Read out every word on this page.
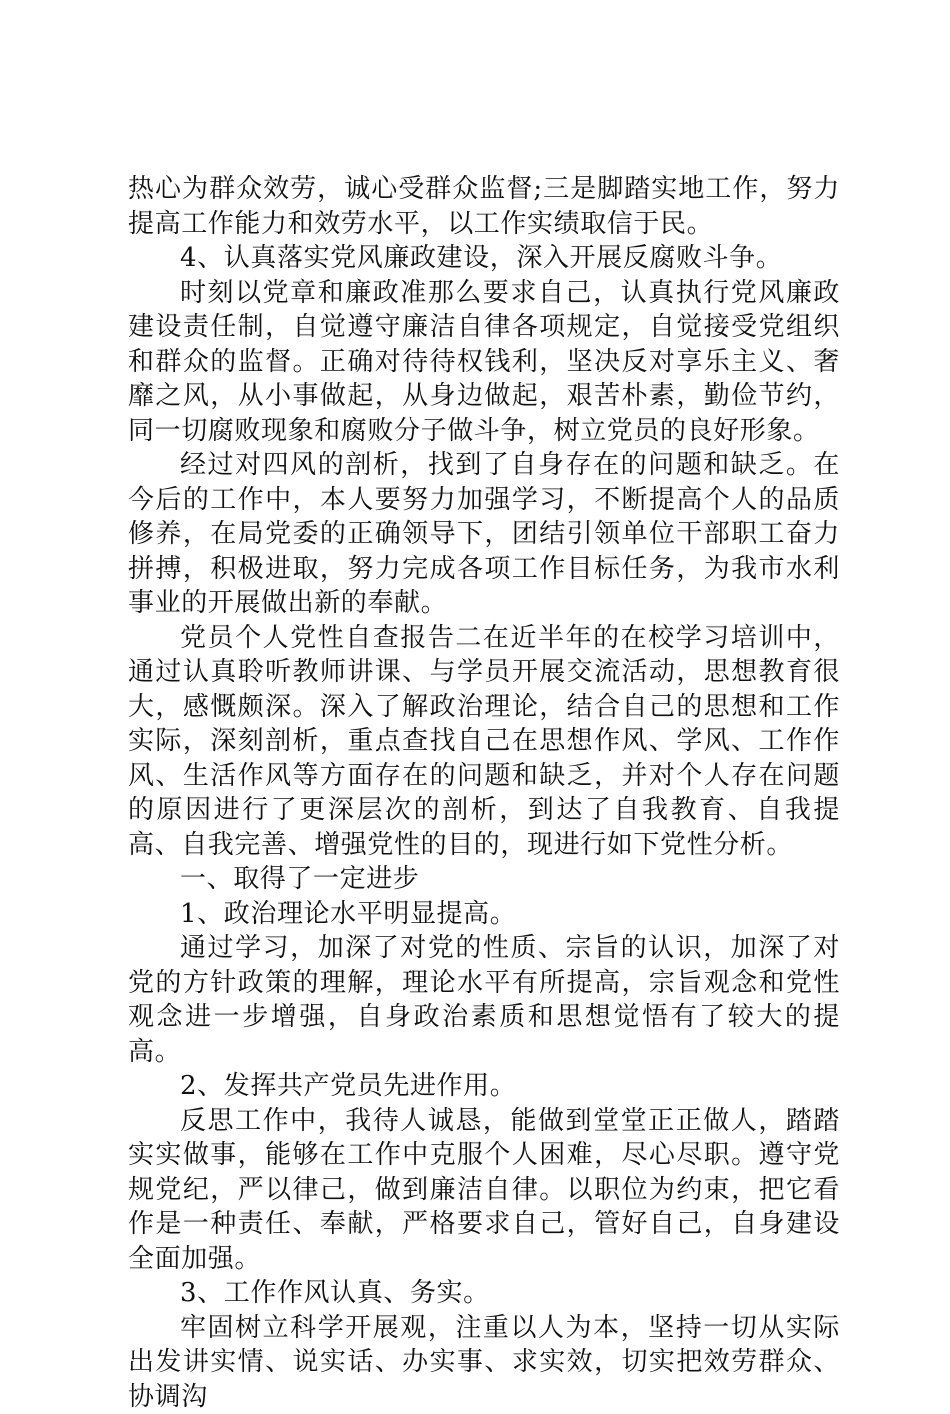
热心为群众效劳，诚心受群众监督;三是脚踏实地工作，努力提高工作能力和效劳水平，以工作实绩取信于民。

4、认真落实党风廉政建设，深入开展反腐败斗争。

时刻以党章和廉政准那么要求自己，认真执行党风廉政建设责任制，自觉遵守廉洁自律各项规定，自觉接受党组织和群众的监督。正确对待待权钱利，坚决反对享乐主义、奢靡之风，从小事做起，从身边做起，艰苦朴素，勤俭节约，同一切腐败现象和腐败分子做斗争，树立党员的良好形象。

经过对四风的剖析，找到了自身存在的问题和缺乏。在今后的工作中，本人要努力加强学习，不断提高个人的品质修养，在局党委的正确领导下，团结引领单位干部职工奋力拼搏，积极进取，努力完成各项工作目标任务，为我市水利事业的开展做出新的奉献。

党员个人党性自查报告二在近半年的在校学习培训中，通过认真聆听教师讲课、与学员开展交流活动，思想教育很大，感慨颇深。深入了解政治理论，结合自己的思想和工作实际，深刻剖析，重点查找自己在思想作风、学风、工作作风、生活作风等方面存在的问题和缺乏，并对个人存在问题的原因进行了更深层次的剖析，到达了自我教育、自我提高、自我完善、增强党性的目的，现进行如下党性分析。

一、取得了一定进步

1、政治理论水平明显提高。

通过学习，加深了对党的性质、宗旨的认识，加深了对党的方针政策的理解，理论水平有所提高，宗旨观念和党性观念进一步增强，自身政治素质和思想觉悟有了较大的提高。

2、发挥共产党员先进作用。

反思工作中，我待人诚恳，能做到堂堂正正做人，踏踏实实做事，能够在工作中克服个人困难，尽心尽职。遵守党规党纪，严以律己，做到廉洁自律。以职位为约束，把它看作是一种责任、奉献，严格要求自己，管好自己，自身建设全面加强。

3、工作作风认真、务实。

牢固树立科学开展观，注重以人为本，坚持一切从实际出发讲实情、说实话、办实事、求实效，切实把效劳群众、协调沟
